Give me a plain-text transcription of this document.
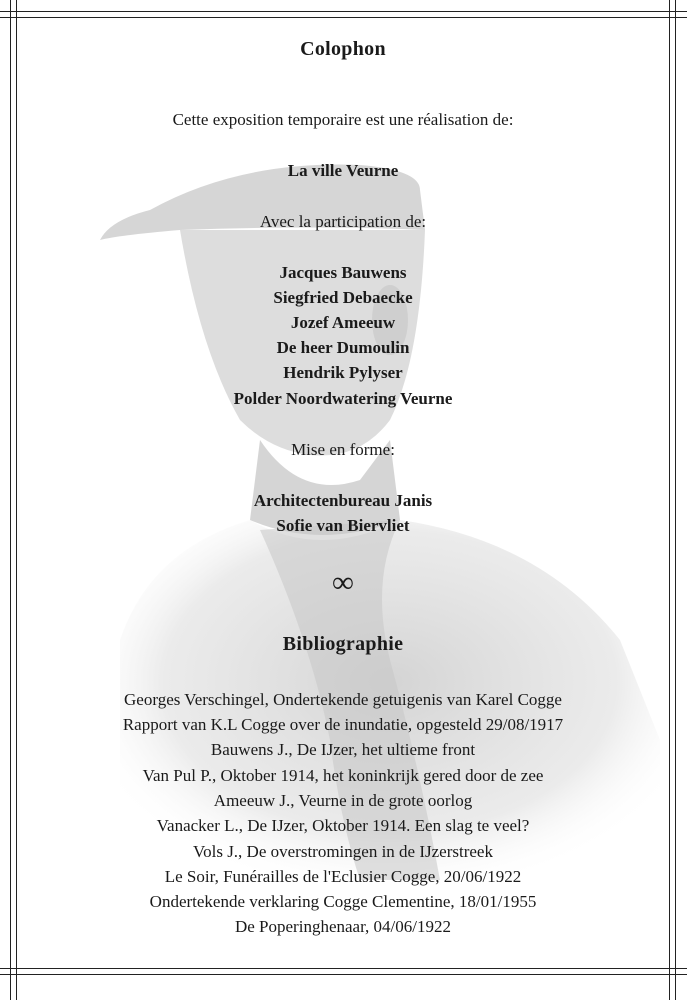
Colophon
Cette exposition temporaire est une réalisation de:
La ville Veurne
Avec la participation de:
Jacques Bauwens
Siegfried Debaecke
Jozef Ameeuw
De heer Dumoulin
Hendrik Pylyser
Polder Noordwatering Veurne
Mise en forme:
Architectenbureau Janis
Sofie van Biervliet
∞
Bibliographie
Georges Verschingel, Ondertekende getuigenis van Karel Cogge
Rapport van K.L Cogge over de inundatie, opgesteld 29/08/1917
Bauwens J., De IJzer, het ultieme front
Van Pul P., Oktober 1914, het koninkrijk gered door de zee
Ameeuw J., Veurne in de grote oorlog
Vanacker L., De IJzer, Oktober 1914. Een slag te veel?
Vols J., De overstromingen in de IJzerstreek
Le Soir, Funérailles de l'Eclusier Cogge, 20/06/1922
Ondertekende verklaring Cogge Clementine, 18/01/1955
De Poperinghenaar, 04/06/1922
